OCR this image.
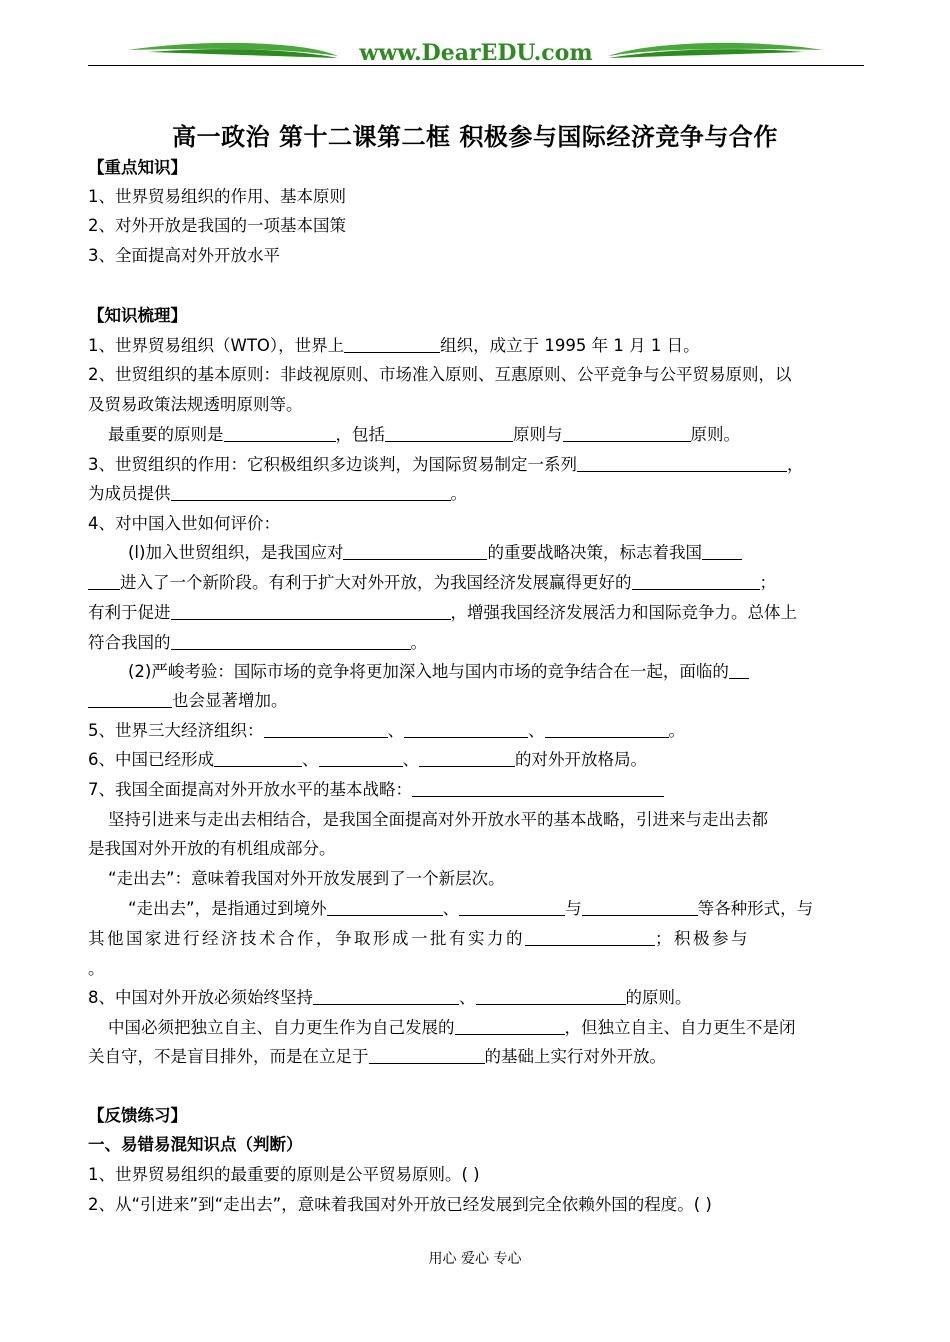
www.DearEDU.com
高一政治 第十二课第二框 积极参与国际经济竞争与合作
【重点知识】
1、世界贸易组织的作用、基本原则
2、对外开放是我国的一项基本国策
3、全面提高对外开放水平
【知识梳理】
1、世界贸易组织（WTO），世界上	组织，成立于 1995 年 1 月 1 日。
2、世贸组织的基本原则：非歧视原则、市场准入原则、互惠原则、公平竞争与公平贸易原则，以
及贸易政策法规透明原则等。
最重要的原则是	，包括	原则与	原则。
3、世贸组织的作用：它积极组织多边谈判，为国际贸易制定一系列	，
为成员提供	。
4、对中国入世如何评价：
(l)加入世贸组织，是我国应对	的重要战略决策，标志着我国
进入了一个新阶段。有利于扩大对外开放，为我国经济发展赢得更好的	；
有利于促进	，增强我国经济发展活力和国际竞争力。总体上
符合我国的	。
(2)严峻考验：国际市场的竞争将更加深入地与国内市场的竞争结合在一起，面临的
也会显著增加。
5、世界三大经济组织：	、	、	。
6、中国已经形成	、	、	的对外开放格局。
7、我国全面提高对外开放水平的基本战略：
坚持引进来与走出去相结合，是我国全面提高对外开放水平的基本战略，引进来与走出去都
是我国对外开放的有机组成部分。
“走出去”：意味着我国对外开放发展到了一个新层次。
“走出去”，是指通过到境外	、	与	等各种形式，与
其他国家进行经济技术合作，争取形成一批有实力的	；积极参与
。
8、中国对外开放必须始终坚持	、	的原则。
中国必须把独立自主、自力更生作为自己发展的	，但独立自主、自力更生不是闭
关自守，不是盲目排外，而是在立足于	的基础上实行对外开放。
【反馈练习】
一、易错易混知识点（判断）
1、世界贸易组织的最重要的原则是公平贸易原则。( )
2、从“引进来”到“走出去”，意味着我国对外开放已经发展到完全依赖外国的程度。( )
用心 爱心 专心
